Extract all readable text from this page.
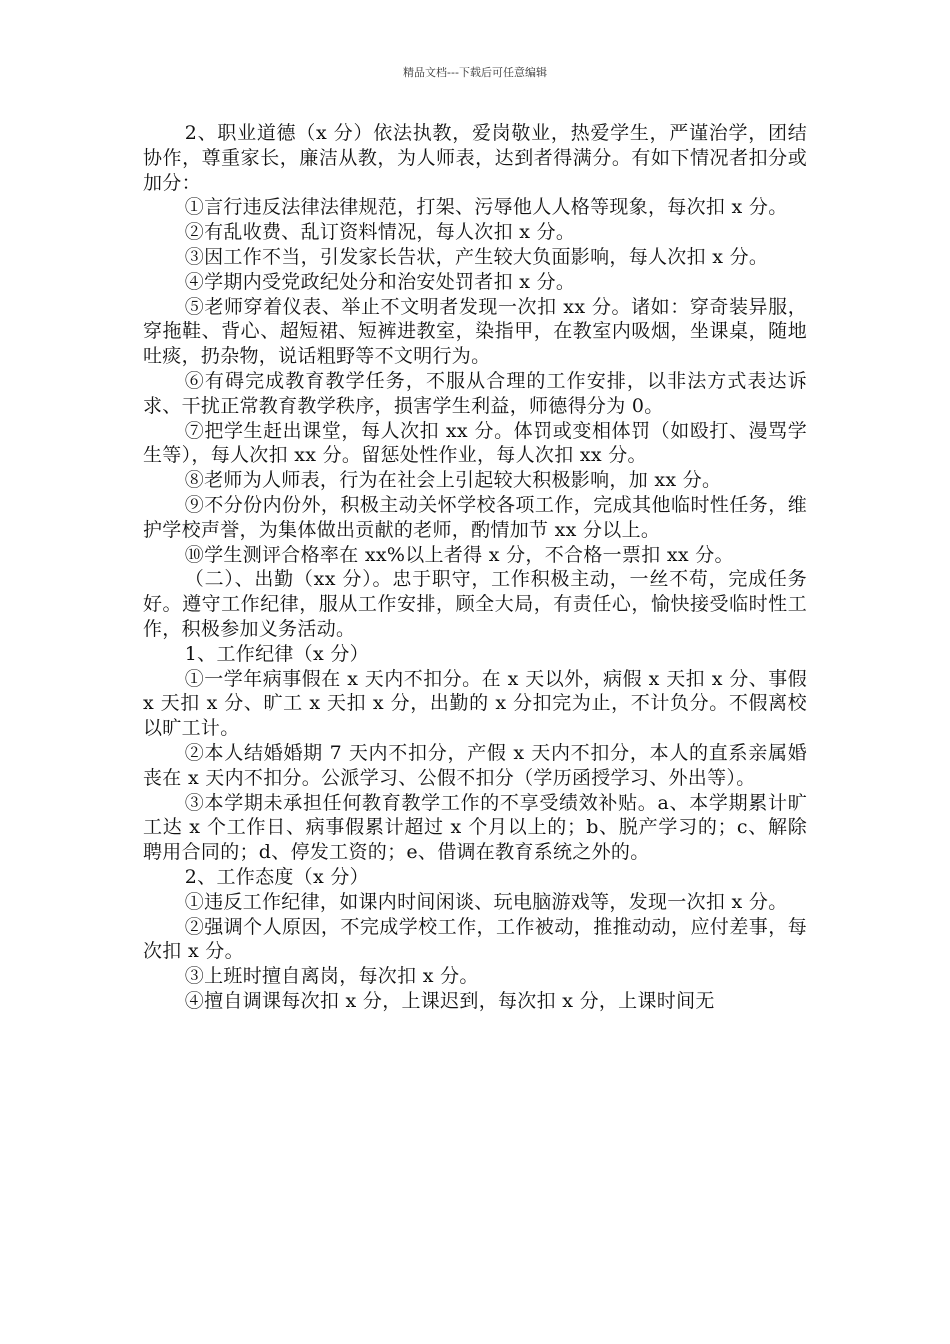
精品文档---下载后可任意编辑

2、职业道德（x 分）依法执教，爱岗敬业，热爱学生，严谨治学，团结协作，尊重家长，廉洁从教，为人师表，达到者得满分。有如下情况者扣分或加分：

①言行违反法律法律规范，打架、污辱他人人格等现象，每次扣 x 分。

②有乱收费、乱订资料情况，每人次扣 x 分。

③因工作不当，引发家长告状，产生较大负面影响，每人次扣 x 分。

④学期内受党政纪处分和治安处罚者扣 x 分。

⑤老师穿着仪表、举止不文明者发现一次扣 xx 分。诸如：穿奇装异服，穿拖鞋、背心、超短裙、短裤进教室，染指甲，在教室内吸烟，坐课桌，随地吐痰，扔杂物，说话粗野等不文明行为。

⑥有碍完成教育教学任务，不服从合理的工作安排，以非法方式表达诉求、干扰正常教育教学秩序，损害学生利益，师德得分为 0。

⑦把学生赶出课堂，每人次扣 xx 分。体罚或变相体罚（如殴打、漫骂学生等），每人次扣 xx 分。留惩处性作业，每人次扣 xx 分。

⑧老师为人师表，行为在社会上引起较大积极影响，加 xx 分。

⑨不分份内份外，积极主动关怀学校各项工作，完成其他临时性任务，维护学校声誉，为集体做出贡献的老师，酌情加节 xx 分以上。

⑩学生测评合格率在 xx%以上者得 x 分，不合格一票扣 xx 分。

（二）、出勤（xx 分）。忠于职守，工作积极主动，一丝不苟，完成任务好。遵守工作纪律，服从工作安排，顾全大局，有责任心，愉快接受临时性工作，积极参加义务活动。

1、工作纪律（x 分）

①一学年病事假在 x 天内不扣分。在 x 天以外，病假 x 天扣 x 分、事假 x 天扣 x 分、旷工 x 天扣 x 分，出勤的 x 分扣完为止，不计负分。不假离校以旷工计。

②本人结婚婚期 7 天内不扣分，产假 x 天内不扣分，本人的直系亲属婚丧在 x 天内不扣分。公派学习、公假不扣分（学历函授学习、外出等）。

③本学期未承担任何教育教学工作的不享受绩效补贴。a、本学期累计旷工达 x 个工作日、病事假累计超过 x 个月以上的；b、脱产学习的；c、解除聘用合同的；d、停发工资的；e、借调在教育系统之外的。

2、工作态度（x 分）

①违反工作纪律，如课内时间闲谈、玩电脑游戏等，发现一次扣 x 分。

②强调个人原因，不完成学校工作，工作被动，推推动动，应付差事，每次扣 x 分。

③上班时擅自离岗，每次扣 x 分。

④擅自调课每次扣 x 分，上课迟到，每次扣 x 分，上课时间无
